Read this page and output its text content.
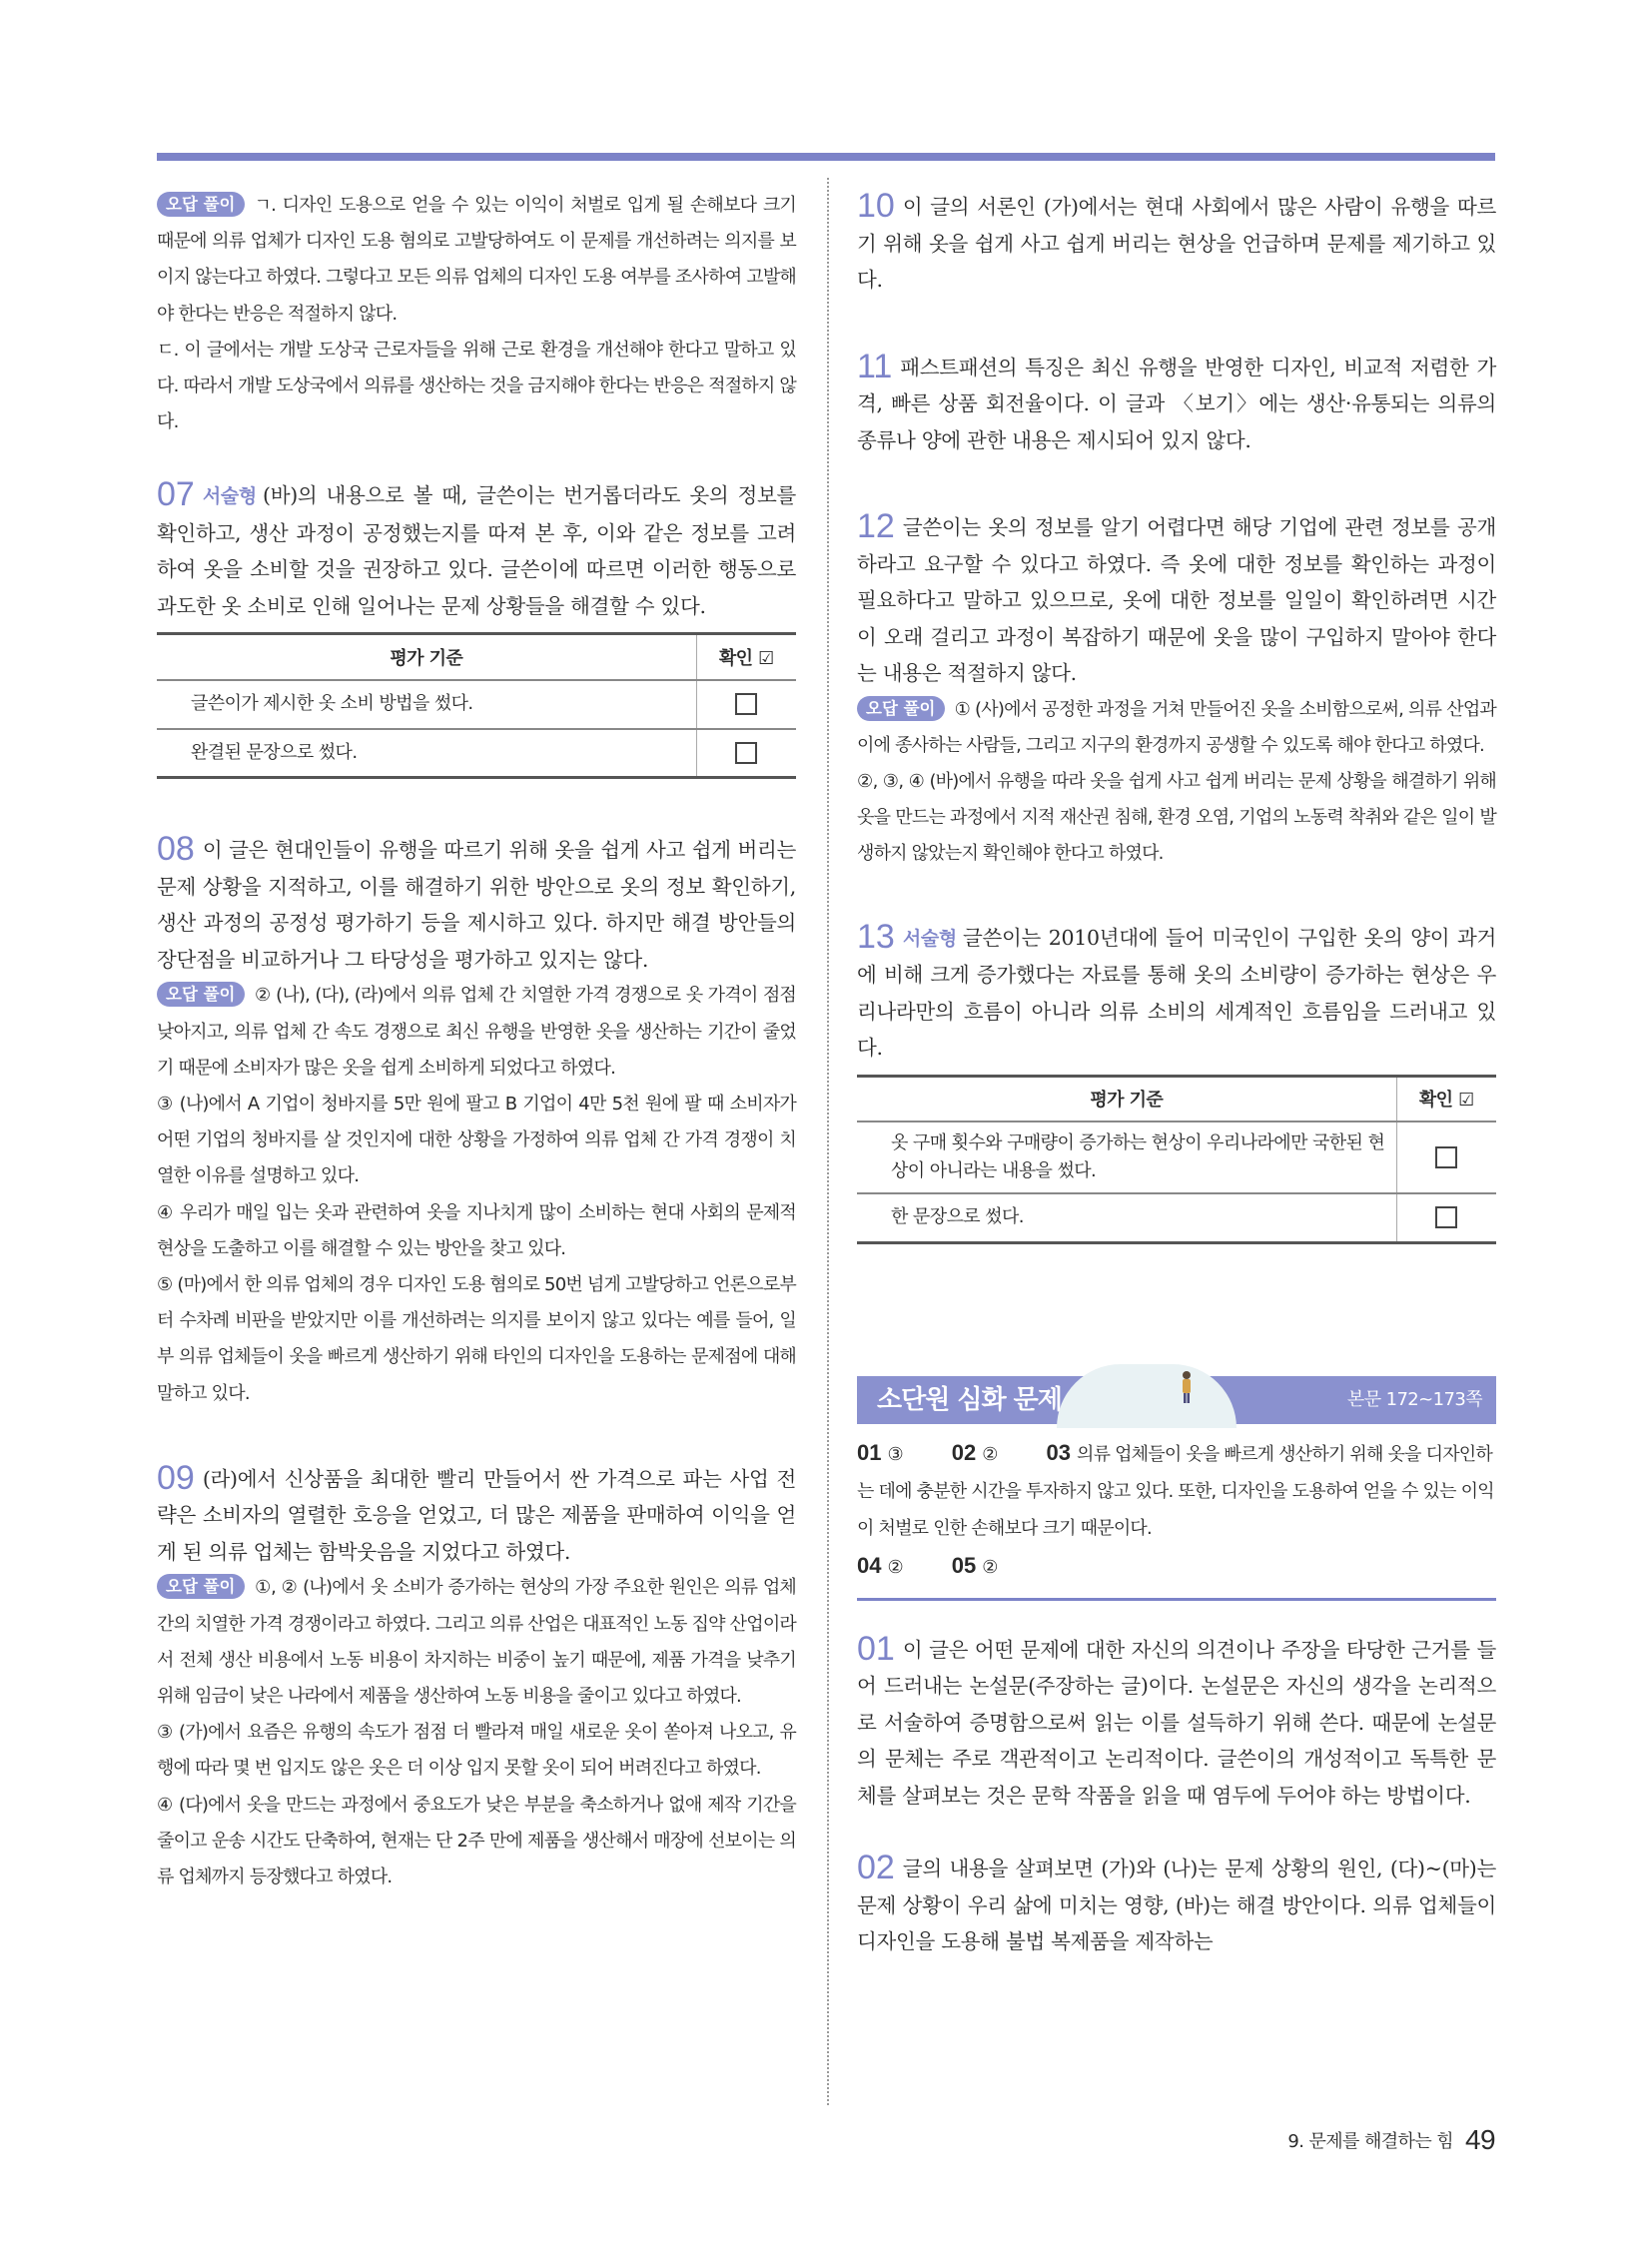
오답 풀이 ㄱ. 디자인 도용으로 얻을 수 있는 이익이 처벌로 입게 될 손해보다 크기 때문에 의류 업체가 디자인 도용 혐의로 고발당하여도 이 문제를 개선하려는 의지를 보이지 않는다고 하였다. 그렇다고 모든 의류 업체의 디자인 도용 여부를 조사하여 고발해야 한다는 반응은 적절하지 않다.

ㄷ. 이 글에서는 개발 도상국 근로자들을 위해 근로 환경을 개선해야 한다고 말하고 있다. 따라서 개발 도상국에서 의류를 생산하는 것을 금지해야 한다는 반응은 적절하지 않다.

07 서술형 (바)의 내용으로 볼 때, 글쓴이는 번거롭더라도 옷의 정보를 확인하고, 생산 과정이 공정했는지를 따져 본 후, 이와 같은 정보를 고려하여 옷을 소비할 것을 권장하고 있다. 글쓴이에 따르면 이러한 행동으로 과도한 옷 소비로 인해 일어나는 문제 상황들을 해결할 수 있다.

평가 기준	확인 ☑
글쓴이가 제시한 옷 소비 방법을 썼다.	
완결된 문장으로 썼다.	

08 이 글은 현대인들이 유행을 따르기 위해 옷을 쉽게 사고 쉽게 버리는 문제 상황을 지적하고, 이를 해결하기 위한 방안으로 옷의 정보 확인하기, 생산 과정의 공정성 평가하기 등을 제시하고 있다. 하지만 해결 방안들의 장단점을 비교하거나 그 타당성을 평가하고 있지는 않다.

오답 풀이 ② (나), (다), (라)에서 의류 업체 간 치열한 가격 경쟁으로 옷 가격이 점점 낮아지고, 의류 업체 간 속도 경쟁으로 최신 유행을 반영한 옷을 생산하는 기간이 줄었기 때문에 소비자가 많은 옷을 쉽게 소비하게 되었다고 하였다.

③ (나)에서 A 기업이 청바지를 5만 원에 팔고 B 기업이 4만 5천 원에 팔 때 소비자가 어떤 기업의 청바지를 살 것인지에 대한 상황을 가정하여 의류 업체 간 가격 경쟁이 치열한 이유를 설명하고 있다.

④ 우리가 매일 입는 옷과 관련하여 옷을 지나치게 많이 소비하는 현대 사회의 문제적 현상을 도출하고 이를 해결할 수 있는 방안을 찾고 있다.

⑤ (마)에서 한 의류 업체의 경우 디자인 도용 혐의로 50번 넘게 고발당하고 언론으로부터 수차례 비판을 받았지만 이를 개선하려는 의지를 보이지 않고 있다는 예를 들어, 일부 의류 업체들이 옷을 빠르게 생산하기 위해 타인의 디자인을 도용하는 문제점에 대해 말하고 있다.

09 (라)에서 신상품을 최대한 빨리 만들어서 싼 가격으로 파는 사업 전략은 소비자의 열렬한 호응을 얻었고, 더 많은 제품을 판매하여 이익을 얻게 된 의류 업체는 함박웃음을 지었다고 하였다.

오답 풀이 ①, ② (나)에서 옷 소비가 증가하는 현상의 가장 주요한 원인은 의류 업체 간의 치열한 가격 경쟁이라고 하였다. 그리고 의류 산업은 대표적인 노동 집약 산업이라서 전체 생산 비용에서 노동 비용이 차지하는 비중이 높기 때문에, 제품 가격을 낮추기 위해 임금이 낮은 나라에서 제품을 생산하여 노동 비용을 줄이고 있다고 하였다.

③ (가)에서 요즘은 유행의 속도가 점점 더 빨라져 매일 새로운 옷이 쏟아져 나오고, 유행에 따라 몇 번 입지도 않은 옷은 더 이상 입지 못할 옷이 되어 버려진다고 하였다.

④ (다)에서 옷을 만드는 과정에서 중요도가 낮은 부분을 축소하거나 없애 제작 기간을 줄이고 운송 시간도 단축하여, 현재는 단 2주 만에 제품을 생산해서 매장에 선보이는 의류 업체까지 등장했다고 하였다.

10 이 글의 서론인 (가)에서는 현대 사회에서 많은 사람이 유행을 따르기 위해 옷을 쉽게 사고 쉽게 버리는 현상을 언급하며 문제를 제기하고 있다.

11 패스트패션의 특징은 최신 유행을 반영한 디자인, 비교적 저렴한 가격, 빠른 상품 회전율이다. 이 글과 〈보기〉에는 생산·유통되는 의류의 종류나 양에 관한 내용은 제시되어 있지 않다.

12 글쓴이는 옷의 정보를 알기 어렵다면 해당 기업에 관련 정보를 공개하라고 요구할 수 있다고 하였다. 즉 옷에 대한 정보를 확인하는 과정이 필요하다고 말하고 있으므로, 옷에 대한 정보를 일일이 확인하려면 시간이 오래 걸리고 과정이 복잡하기 때문에 옷을 많이 구입하지 말아야 한다는 내용은 적절하지 않다.

오답 풀이 ① (사)에서 공정한 과정을 거쳐 만들어진 옷을 소비함으로써, 의류 산업과 이에 종사하는 사람들, 그리고 지구의 환경까지 공생할 수 있도록 해야 한다고 하였다.

②, ③, ④ (바)에서 유행을 따라 옷을 쉽게 사고 쉽게 버리는 문제 상황을 해결하기 위해 옷을 만드는 과정에서 지적 재산권 침해, 환경 오염, 기업의 노동력 착취와 같은 일이 발생하지 않았는지 확인해야 한다고 하였다.

13 서술형 글쓴이는 2010년대에 들어 미국인이 구입한 옷의 양이 과거에 비해 크게 증가했다는 자료를 통해 옷의 소비량이 증가하는 현상은 우리나라만의 흐름이 아니라 의류 소비의 세계적인 흐름임을 드러내고 있다.

평가 기준	확인 ☑
옷 구매 횟수와 구매량이 증가하는 현상이 우리나라에만 국한된 현상이 아니라는 내용을 썼다.	
한 문장으로 썼다.	
소단원 심화 문제	본문 172~173쪽

01 ③ 02 ② 03 의류 업체들이 옷을 빠르게 생산하기 위해 옷을 디자인하는 데에 충분한 시간을 투자하지 않고 있다. 또한, 디자인을 도용하여 얻을 수 있는 이익이 처벌로 인한 손해보다 크기 때문이다.

04 ② 05 ②

01 이 글은 어떤 문제에 대한 자신의 의견이나 주장을 타당한 근거를 들어 드러내는 논설문(주장하는 글)이다. 논설문은 자신의 생각을 논리적으로 서술하여 증명함으로써 읽는 이를 설득하기 위해 쓴다. 때문에 논설문의 문체는 주로 객관적이고 논리적이다. 글쓴이의 개성적이고 독특한 문체를 살펴보는 것은 문학 작품을 읽을 때 염두에 두어야 하는 방법이다.

02 글의 내용을 살펴보면 (가)와 (나)는 문제 상황의 원인, (다)~(마)는 문제 상황이 우리 삶에 미치는 영향, (바)는 해결 방안이다. 의류 업체들이 디자인을 도용해 불법 복제품을 제작하는

9. 문제를 해결하는 힘 49
